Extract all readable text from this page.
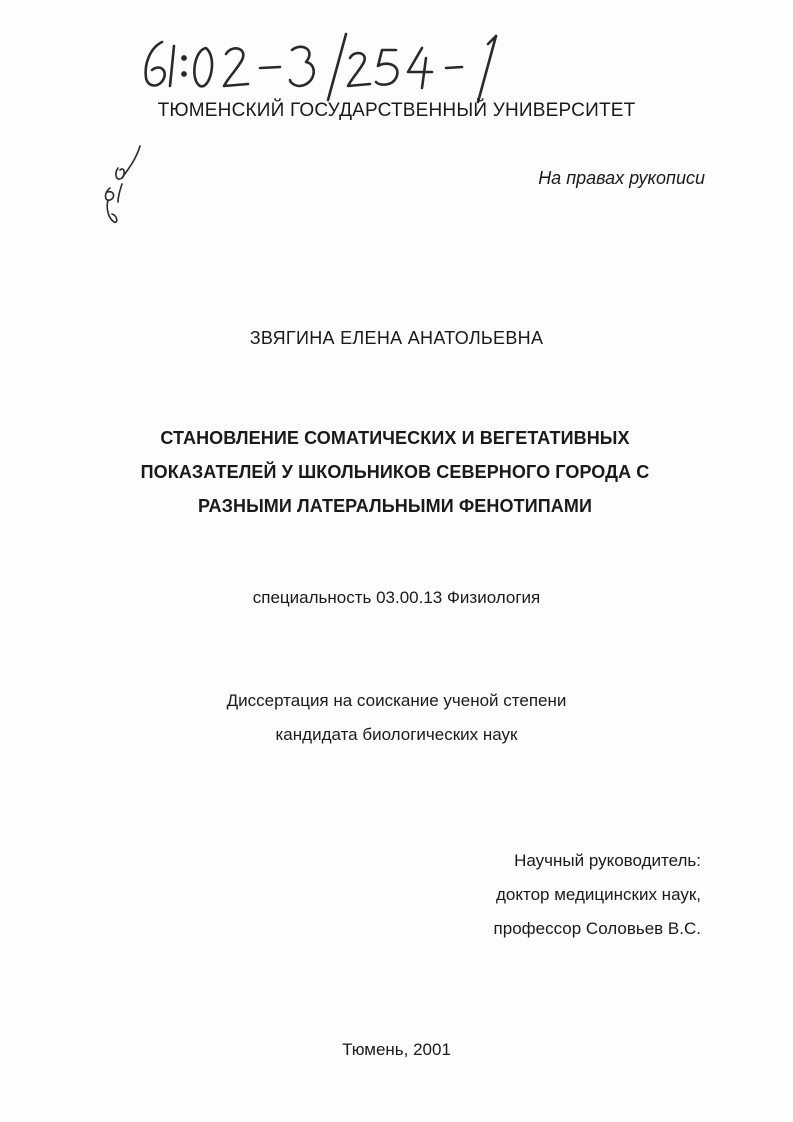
61:02-3/254-1
ТЮМЕНСКИЙ ГОСУДАРСТВЕННЫЙ УНИВЕРСИТЕТ
На правах рукописи
ЗВЯГИНА ЕЛЕНА АНАТОЛЬЕВНА
СТАНОВЛЕНИЕ СОМАТИЧЕСКИХ И ВЕГЕТАТИВНЫХ
ПОКАЗАТЕЛЕЙ У ШКОЛЬНИКОВ СЕВЕРНОГО ГОРОДА С
РАЗНЫМИ ЛАТЕРАЛЬНЫМИ ФЕНОТИПАМИ
специальность 03.00.13 Физиология
Диссертация на соискание ученой степени
кандидата биологических наук
Научный руководитель:
доктор медицинских наук,
профессор Соловьев В.С.
Тюмень, 2001
